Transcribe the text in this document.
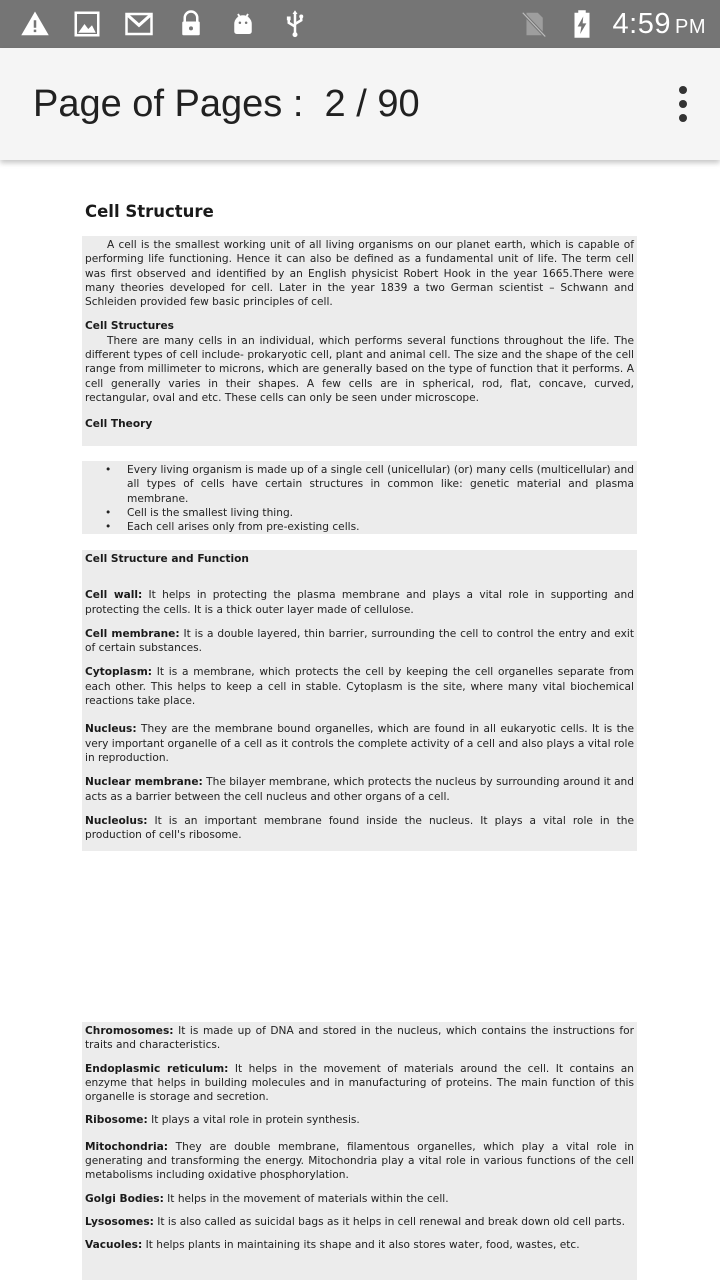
4:59 PM
Page of Pages : 2 / 90
Cell Structure

A cell is the smallest working unit of all living organisms on our planet earth, which is capable of performing life functioning. Hence it can also be defined as a fundamental unit of life. The term cell was first observed and identified by an English physicist Robert Hook in the year 1665.There were many theories developed for cell. Later in the year 1839 a two German scientist – Schwann and Schleiden provided few basic principles of cell.

Cell Structures

There are many cells in an individual, which performs several functions throughout the life. The different types of cell include- prokaryotic cell, plant and animal cell. The size and the shape of the cell range from millimeter to microns, which are generally based on the type of function that it performs. A cell generally varies in their shapes. A few cells are in spherical, rod, flat, concave, curved, rectangular, oval and etc. These cells can only be seen under microscope.

Cell Theory

• Every living organism is made up of a single cell (unicellular) (or) many cells (multicellular) and all types of cells have certain structures in common like: genetic material and plasma membrane.
• Cell is the smallest living thing.
• Each cell arises only from pre-existing cells.

Cell Structure and Function

Cell wall: It helps in protecting the plasma membrane and plays a vital role in supporting and protecting the cells. It is a thick outer layer made of cellulose.

Cell membrane: It is a double layered, thin barrier, surrounding the cell to control the entry and exit of certain substances.

Cytoplasm: It is a membrane, which protects the cell by keeping the cell organelles separate from each other. This helps to keep a cell in stable. Cytoplasm is the site, where many vital biochemical reactions take place.

Nucleus: They are the membrane bound organelles, which are found in all eukaryotic cells. It is the very important organelle of a cell as it controls the complete activity of a cell and also plays a vital role in reproduction.

Nuclear membrane: The bilayer membrane, which protects the nucleus by surrounding around it and acts as a barrier between the cell nucleus and other organs of a cell.

Nucleolus: It is an important membrane found inside the nucleus. It plays a vital role in the production of cell's ribosome.

Chromosomes: It is made up of DNA and stored in the nucleus, which contains the instructions for traits and characteristics.

Endoplasmic reticulum: It helps in the movement of materials around the cell. It contains an enzyme that helps in building molecules and in manufacturing of proteins. The main function of this organelle is storage and secretion.

Ribosome: It plays a vital role in protein synthesis.

Mitochondria: They are double membrane, filamentous organelles, which play a vital role in generating and transforming the energy. Mitochondria play a vital role in various functions of the cell metabolisms including oxidative phosphorylation.

Golgi Bodies: It helps in the movement of materials within the cell.

Lysosomes: It is also called as suicidal bags as it helps in cell renewal and break down old cell parts.

Vacuoles: It helps plants in maintaining its shape and it also stores water, food, wastes, etc.
